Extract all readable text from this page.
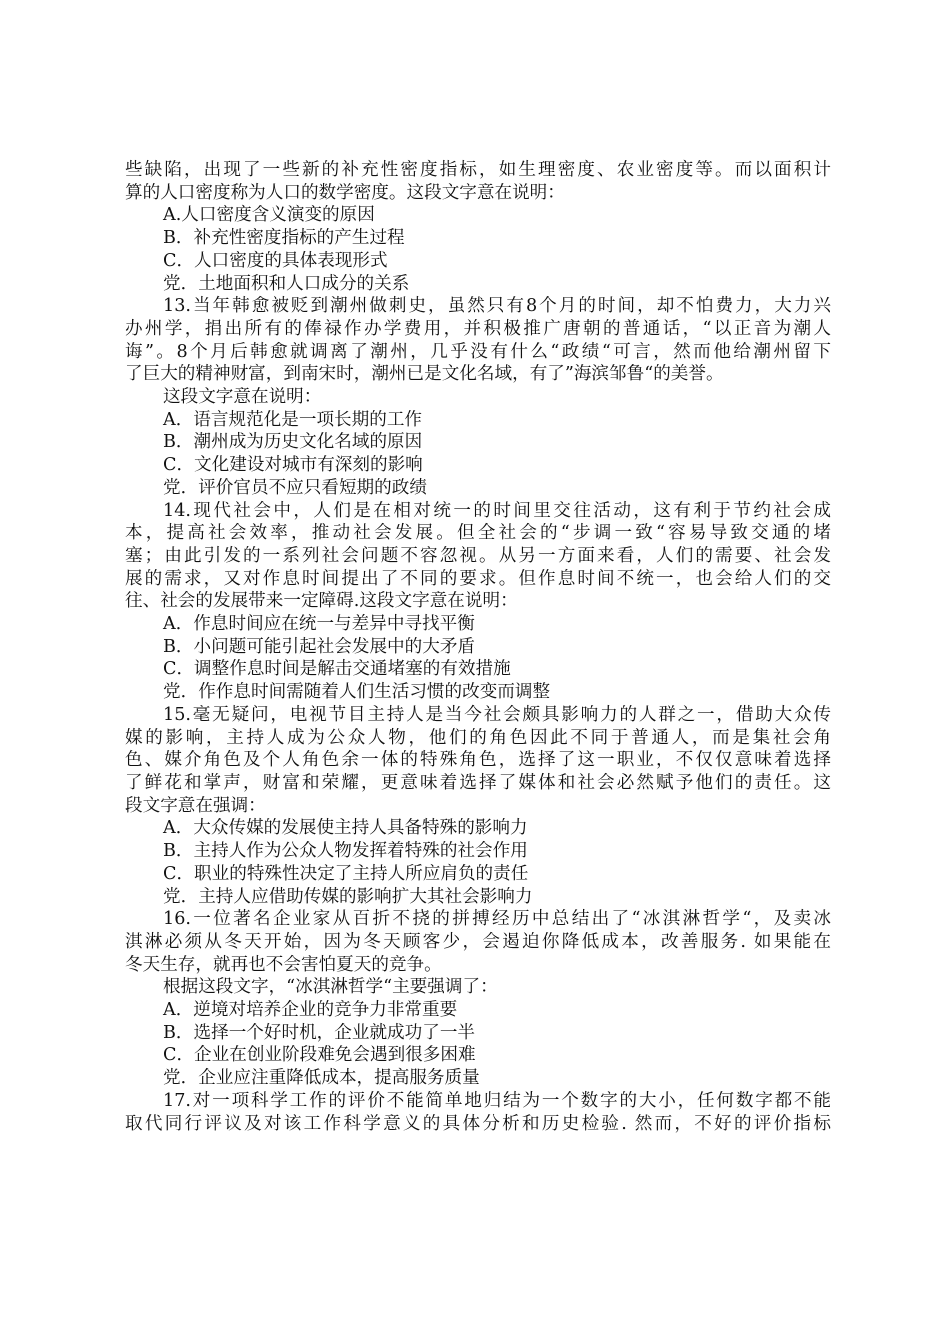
些缺陷，出现了一些新的补充性密度指标，如生理密度、农业密度等。而以面积计
算的人口密度称为人口的数学密度。这段文字意在说明：
A.人口密度含义演变的原因
B．补充性密度指标的产生过程
C．人口密度的具体表现形式
党．土地面积和人口成分的关系
13.当年韩愈被贬到潮州做刺史，虽然只有8个月的时间，却不怕费力，大力兴
办州学，捐出所有的俸禄作办学费用，并积极推广唐朝的普通话，“以正音为潮人
诲”。8个月后韩愈就调离了潮州，几乎没有什么“政绩“可言，然而他给潮州留下
了巨大的精神财富，到南宋时，潮州已是文化名域，有了”海滨邹鲁“的美誉。
这段文字意在说明：
A．语言规范化是一项长期的工作
B．潮州成为历史文化名域的原因
C．文化建设对城市有深刻的影响
党．评价官员不应只看短期的政绩
14.现代社会中，人们是在相对统一的时间里交往活动，这有利于节约社会成
本，提高社会效率，推动社会发展。但全社会的“步调一致“容易导致交通的堵
塞；由此引发的一系列社会问题不容忽视。从另一方面来看，人们的需要、社会发
展的需求，又对作息时间提出了不同的要求。但作息时间不统一，也会给人们的交
往、社会的发展带来一定障碍.这段文字意在说明：
A．作息时间应在统一与差异中寻找平衡
B．小问题可能引起社会发展中的大矛盾
C．调整作息时间是解击交通堵塞的有效措施
党．作作息时间需随着人们生活习惯的改变而调整
15.毫无疑问，电视节目主持人是当今社会颇具影响力的人群之一，借助大众传
媒的影响，主持人成为公众人物，他们的角色因此不同于普通人，而是集社会角
色、媒介角色及个人角色余一体的特殊角色，选择了这一职业，不仅仅意味着选择
了鲜花和掌声，财富和荣耀，更意味着选择了媒体和社会必然赋予他们的责任。这
段文字意在强调：
A．大众传媒的发展使主持人具备特殊的影响力
B．主持人作为公众人物发挥着特殊的社会作用
C．职业的特殊性决定了主持人所应肩负的责任
党．主持人应借助传媒的影响扩大其社会影响力
16.一位著名企业家从百折不挠的拼搏经历中总结出了“冰淇淋哲学“，及卖冰
淇淋必须从冬天开始，因为冬天顾客少，会遏迫你降低成本，改善服务. 如果能在
冬天生存，就再也不会害怕夏天的竞争。
根据这段文字，“冰淇淋哲学“主要强调了：
A．逆境对培养企业的竞争力非常重要
B．选择一个好时机，企业就成功了一半
C．企业在创业阶段难免会遇到很多困难
党．企业应注重降低成本，提高服务质量
17.对一项科学工作的评价不能简单地归结为一个数字的大小，任何数字都不能
取代同行评议及对该工作科学意义的具体分析和历史检验. 然而，不好的评价指标
